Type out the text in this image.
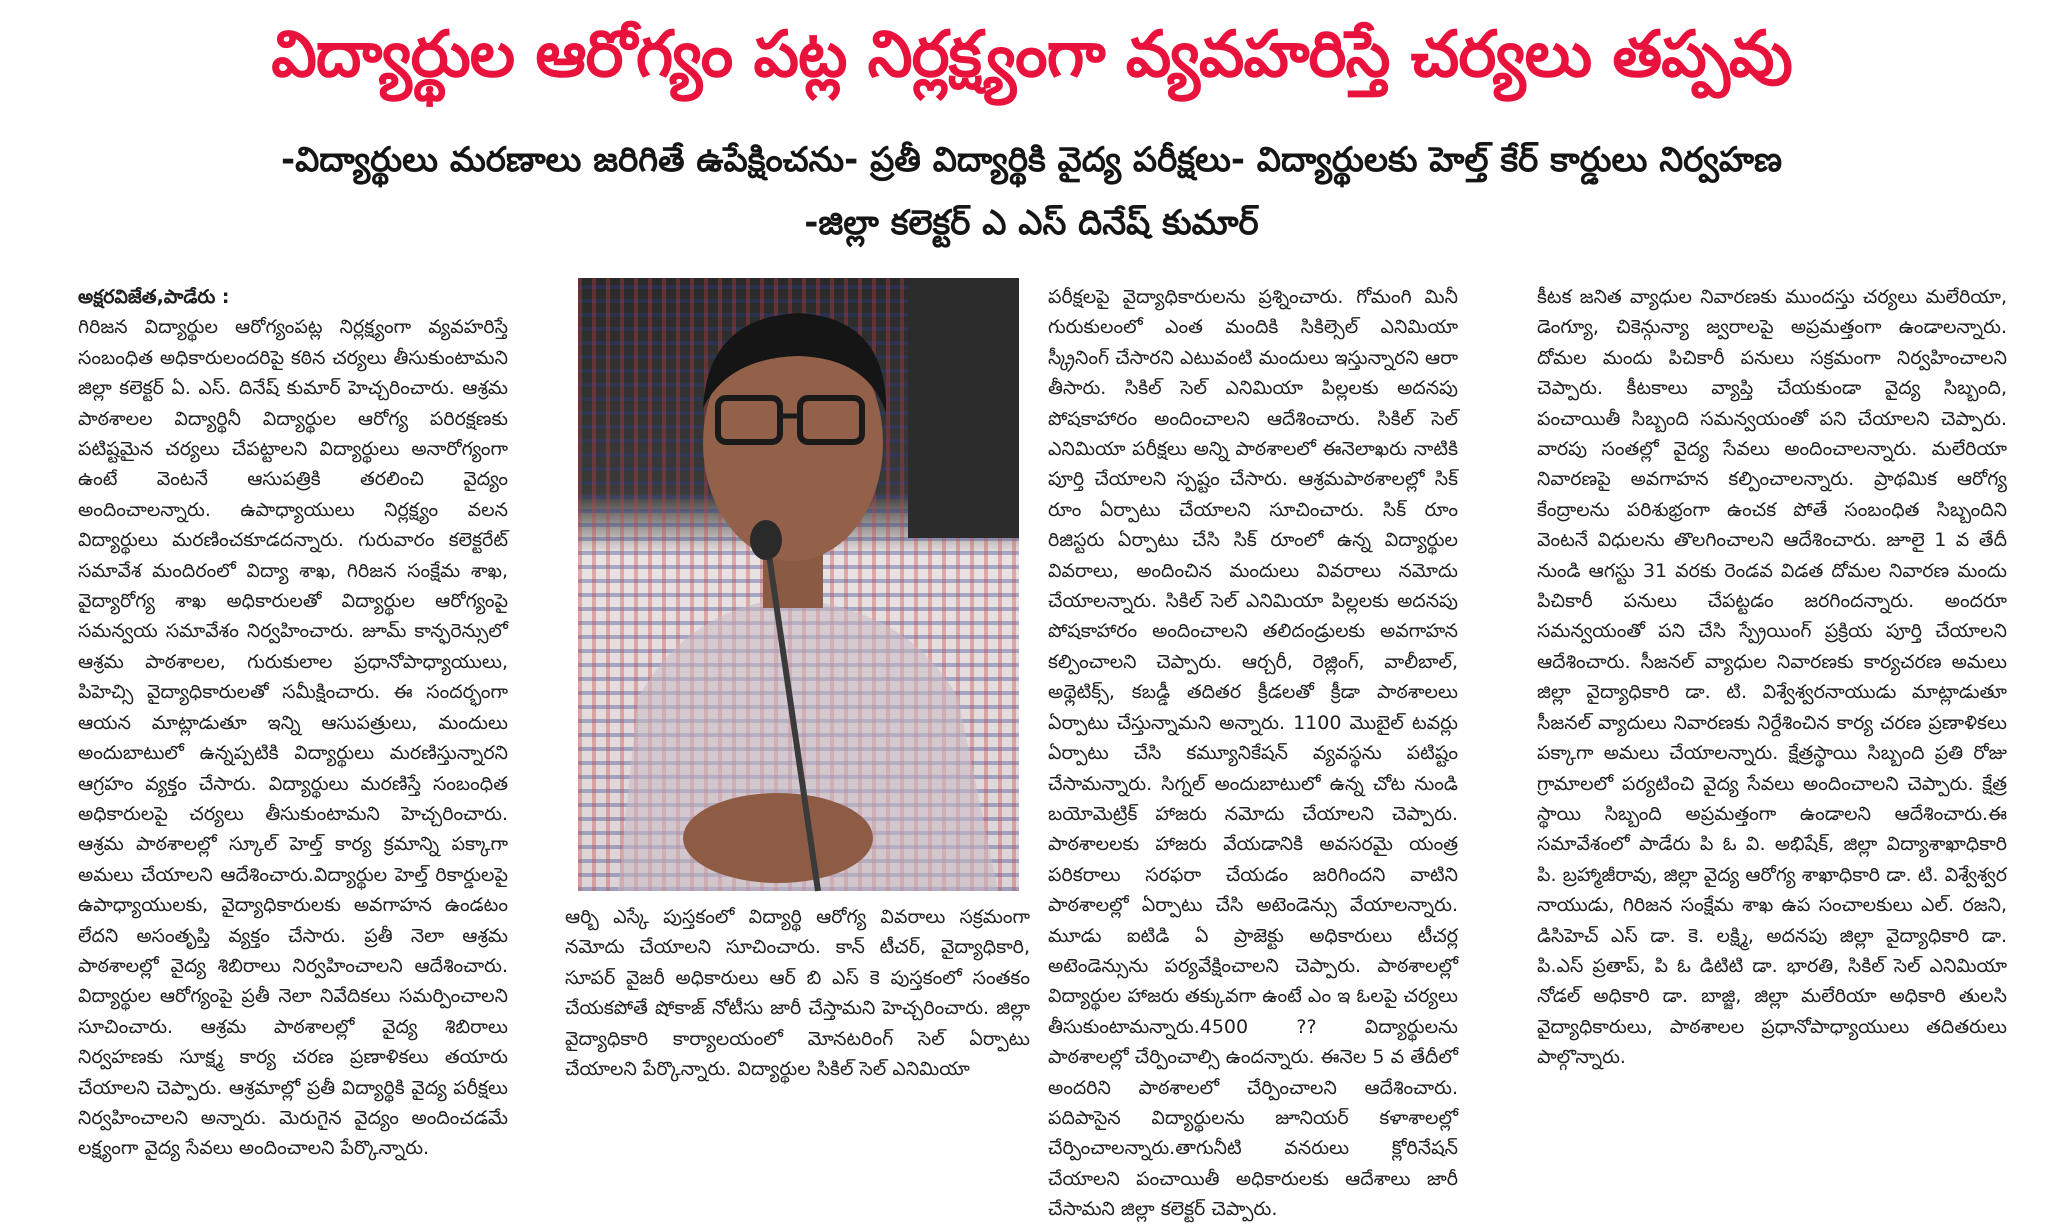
విద్యార్థుల ఆరోగ్యం పట్ల నిర్లక్ష్యంగా వ్యవహరిస్తే చర్యలు తప్పవు
-విద్యార్థులు మరణాలు జరిగితే ఉపేక్షించను- ప్రతీ విద్యార్థికి వైద్య పరీక్షలు- విద్యార్థులకు హెల్త్ కేర్ కార్డులు నిర్వహణ
-జిల్లా కలెక్టర్ ఎ ఎస్ దినేష్ కుమార్
అక్షరవిజేత,పాడేరు :
గిరిజన విద్యార్థుల ఆరోగ్యంపట్ల నిర్లక్ష్యంగా వ్యవహరిస్తే సంబంధిత అధికారులందరిపై కఠిన చర్యలు తీసుకుంటామని జిల్లా కలెక్టర్ ఏ. ఎస్. దినేష్ కుమార్ హెచ్చరించారు. ఆశ్రమ పాఠశాలల విద్యార్థినీ విద్యార్థుల ఆరోగ్య పరిరక్షణకు పటిష్టమైన చర్యలు చేపట్టాలని విద్యార్థులు అనారోగ్యంగా ఉంటే వెంటనే ఆసుపత్రికి తరలించి వైద్యం అందించాలన్నారు. ఉపాధ్యాయులు నిర్లక్ష్యం వలన విద్యార్థులు మరణించకూడదన్నారు. గురువారం కలెక్టరేట్ సమావేశ మందిరంలో విద్యా శాఖ, గిరిజన సంక్షేమ శాఖ, వైద్యారోగ్య శాఖ అధికారులతో విద్యార్థుల ఆరోగ్యంపై సమన్వయ సమావేశం నిర్వహించారు. జూమ్ కాన్ఫరెన్సులో ఆశ్రమ పాఠశాలల, గురుకులాల ప్రధానోపాధ్యాయులు, పిహెచ్సి వైద్యాధికారులతో సమీక్షించారు. ఈ సందర్భంగా ఆయన మాట్లాడుతూ ఇన్ని ఆసుపత్రులు, మందులు అందుబాటులో ఉన్నప్పటికి విద్యార్థులు మరణిస్తున్నారని ఆగ్రహం వ్యక్తం చేసారు. విద్యార్థులు మరణిస్తే సంబంధిత అధికారులపై చర్యలు తీసుకుంటామని హెచ్చరించారు. ఆశ్రమ పాఠశాలల్లో స్కూల్ హెల్త్ కార్య క్రమాన్ని పక్కాగా అమలు చేయాలని ఆదేశించారు.విద్యార్థుల హెల్త్ రికార్డులపై ఉపాధ్యాయులకు, వైద్యాధికారులకు అవగాహన ఉండటం లేదని అసంతృప్తి వ్యక్తం చేసారు. ప్రతీ నెలా ఆశ్రమ పాఠశాలల్లో వైద్య శిబిరాలు నిర్వహించాలని ఆదేశించారు. విద్యార్థుల ఆరోగ్యంపై ప్రతీ నెలా నివేదికలు సమర్పించాలని సూచించారు. ఆశ్రమ పాఠశాలల్లో వైద్య శిబిరాలు నిర్వహణకు సూక్ష్మ కార్య చరణ ప్రణాళికలు తయారు చేయాలని చెప్పారు. ఆశ్రమాల్లో ప్రతీ విద్యార్థికి వైద్య పరీక్షలు నిర్వహించాలని అన్నారు. మెరుగైన వైద్యం అందించడమే లక్ష్యంగా వైద్య సేవలు అందించాలని పేర్కొన్నారు.
ఆర్బి ఎస్కే పుస్తకంలో విద్యార్థి ఆరోగ్య వివరాలు సక్రమంగా నమోదు చేయాలని సూచించారు. కాన్ టీచర్, వైద్యాధికారి, సూపర్ వైజరీ అధికారులు ఆర్ బి ఎస్ కె పుస్తకంలో సంతకం చేయకపోతే షోకాజ్ నోటీసు జారీ చేస్తామని హెచ్చరించారు. జిల్లా వైద్యాధికారి కార్యాలయంలో మోనటరింగ్ సెల్ ఏర్పాటు చేయాలని పేర్కొన్నారు. విద్యార్థుల సికిల్ సెల్ ఎనిమియా
పరీక్షలపై వైద్యాధికారులను ప్రశ్నించారు. గోమంగి మినీ గురుకులంలో ఎంత మందికి సికిల్సెల్ ఎనిమియా స్క్రీనింగ్ చేసారని ఎటువంటి మందులు ఇస్తున్నారని ఆరా తీసారు. సికిల్ సెల్ ఎనిమియా పిల్లలకు అదనపు పోషకాహారం అందించాలని ఆదేశించారు. సికిల్ సెల్ ఎనిమియా పరీక్షలు అన్ని పాఠశాలలో ఈనెలాఖరు నాటికి పూర్తి చేయాలని స్పష్టం చేసారు. ఆశ్రమపాఠశాలల్లో సిక్ రూం ఏర్పాటు చేయాలని సూచించారు. సిక్ రూం రిజిస్టరు ఏర్పాటు చేసి సిక్ రూంలో ఉన్న విద్యార్థుల వివరాలు, అందించిన మందులు వివరాలు నమోదు చేయాలన్నారు. సికిల్ సెల్ ఎనిమియా పిల్లలకు అదనపు పోషకాహారం అందించాలని తలిదండ్రులకు అవగాహన కల్పించాలని చెప్పారు. ఆర్చరీ, రెజ్లింగ్, వాలీబాల్, అథ్లెటిక్స్, కబడ్డీ తదితర క్రీడలతో క్రీడా పాఠశాలలు ఏర్పాటు చేస్తున్నామని అన్నారు. 1100 మొబైల్ టవర్లు ఏర్పాటు చేసి కమ్యూనికేషన్ వ్యవస్థను పటిష్టం చేసామన్నారు. సిగ్నల్ అందుబాటులో ఉన్న చోట నుండి బయోమెట్రిక్ హాజరు నమోదు చేయాలని చెప్పారు. పాఠశాలలకు హాజరు వేయడానికి అవసరమై యంత్ర పరికరాలు సరఫరా చేయడం జరిగిందని వాటిని పాఠశాలల్లో ఏర్పాటు చేసి అటెండెన్సు వేయాలన్నారు. మూడు ఐటిడి ఏ ప్రాజెక్టు అధికారులు టీచర్ల అటెండెన్సును పర్యవేక్షించాలని చెప్పారు. పాఠశాలల్లో విద్యార్థుల హాజరు తక్కువగా ఉంటే ఎం ఇ ఓలపై చర్యలు తీసుకుంటామన్నారు.4500 ?? విద్యార్థులను పాఠశాలల్లో చేర్పించాల్సి ఉందన్నారు. ఈనెల 5 వ తేదీలో అందరిని పాఠశాలలో చేర్పించాలని ఆదేశించారు. పదిపాసైన విద్యార్థులను జూనియర్ కళాశాలల్లో చేర్పించాలన్నారు.తాగునీటి వనరులు క్లోరినేషన్ చేయాలని పంచాయితీ అధికారులకు ఆదేశాలు జారీ చేసామని జిల్లా కలెక్టర్ చెప్పారు.
కీటక జనిత వ్యాధుల నివారణకు ముందస్తు చర్యలు మలేరియా, డెంగ్యూ, చికెన్గున్యా జ్వరాలపై అప్రమత్తంగా ఉండాలన్నారు. దోమల మందు పిచికారీ పనులు సక్రమంగా నిర్వహించాలని చెప్పారు. కీటకాలు వ్యాప్తి చేయకుండా వైద్య సిబ్బంది, పంచాయితీ సిబ్బంది సమన్వయంతో పని చేయాలని చెప్పారు. వారపు సంతల్లో వైద్య సేవలు అందించాలన్నారు. మలేరియా నివారణపై అవగాహన కల్పించాలన్నారు. ప్రాథమిక ఆరోగ్య కేంద్రాలను పరిశుభ్రంగా ఉంచక పోతే సంబంధిత సిబ్బందిని వెంటనే విధులను తొలగించాలని ఆదేశించారు. జూలై 1 వ తేదీ నుండి ఆగస్టు 31 వరకు రెండవ విడత దోమల నివారణ మందు పిచికారీ పనులు చేపట్టడం జరగిందన్నారు. అందరూ సమన్వయంతో పని చేసి స్ప్రేయింగ్ ప్రక్రియ పూర్తి చేయాలని ఆదేశించారు. సీజనల్ వ్యాధుల నివారణకు కార్యచరణ అమలు జిల్లా వైద్యాధికారి డా. టి. విశ్వేశ్వరనాయుడు మాట్లాడుతూ సీజనల్ వ్యాదులు నివారణకు నిర్దేశించిన కార్య చరణ ప్రణాళికలు పక్కాగా అమలు చేయాలన్నారు. క్షేత్రస్థాయి సిబ్బంది ప్రతి రోజు గ్రామాలలో పర్యటించి వైద్య సేవలు అందించాలని చెప్పారు. క్షేత్ర స్థాయి సిబ్బంది అప్రమత్తంగా ఉండాలని ఆదేశించారు.ఈ సమావేశంలో పాడేరు పి ఓ వి. అభిషేక్, జిల్లా విద్యాశాఖాధికారి పి. బ్రహ్మాజీరావు, జిల్లా వైద్య ఆరోగ్య శాఖాధికారి డా. టి. విశ్వేశ్వర నాయుడు, గిరిజన సంక్షేమ శాఖ ఉప సంచాలకులు ఎల్. రజని, డిసిహెచ్ ఎస్ డా. కె. లక్ష్మి, అదనపు జిల్లా వైద్యాధికారి డా. పి.ఎస్ ప్రతాప్, పి ఓ డిటిటి డా. భారతి, సికిల్ సెల్ ఎనిమియా నోడల్ అధికారి డా. బాజ్జి, జిల్లా మలేరియా అధికారి తులసి వైద్యాధికారులు, పాఠశాలల ప్రధానోపాధ్యాయులు తదితరులు పాల్గొన్నారు.
